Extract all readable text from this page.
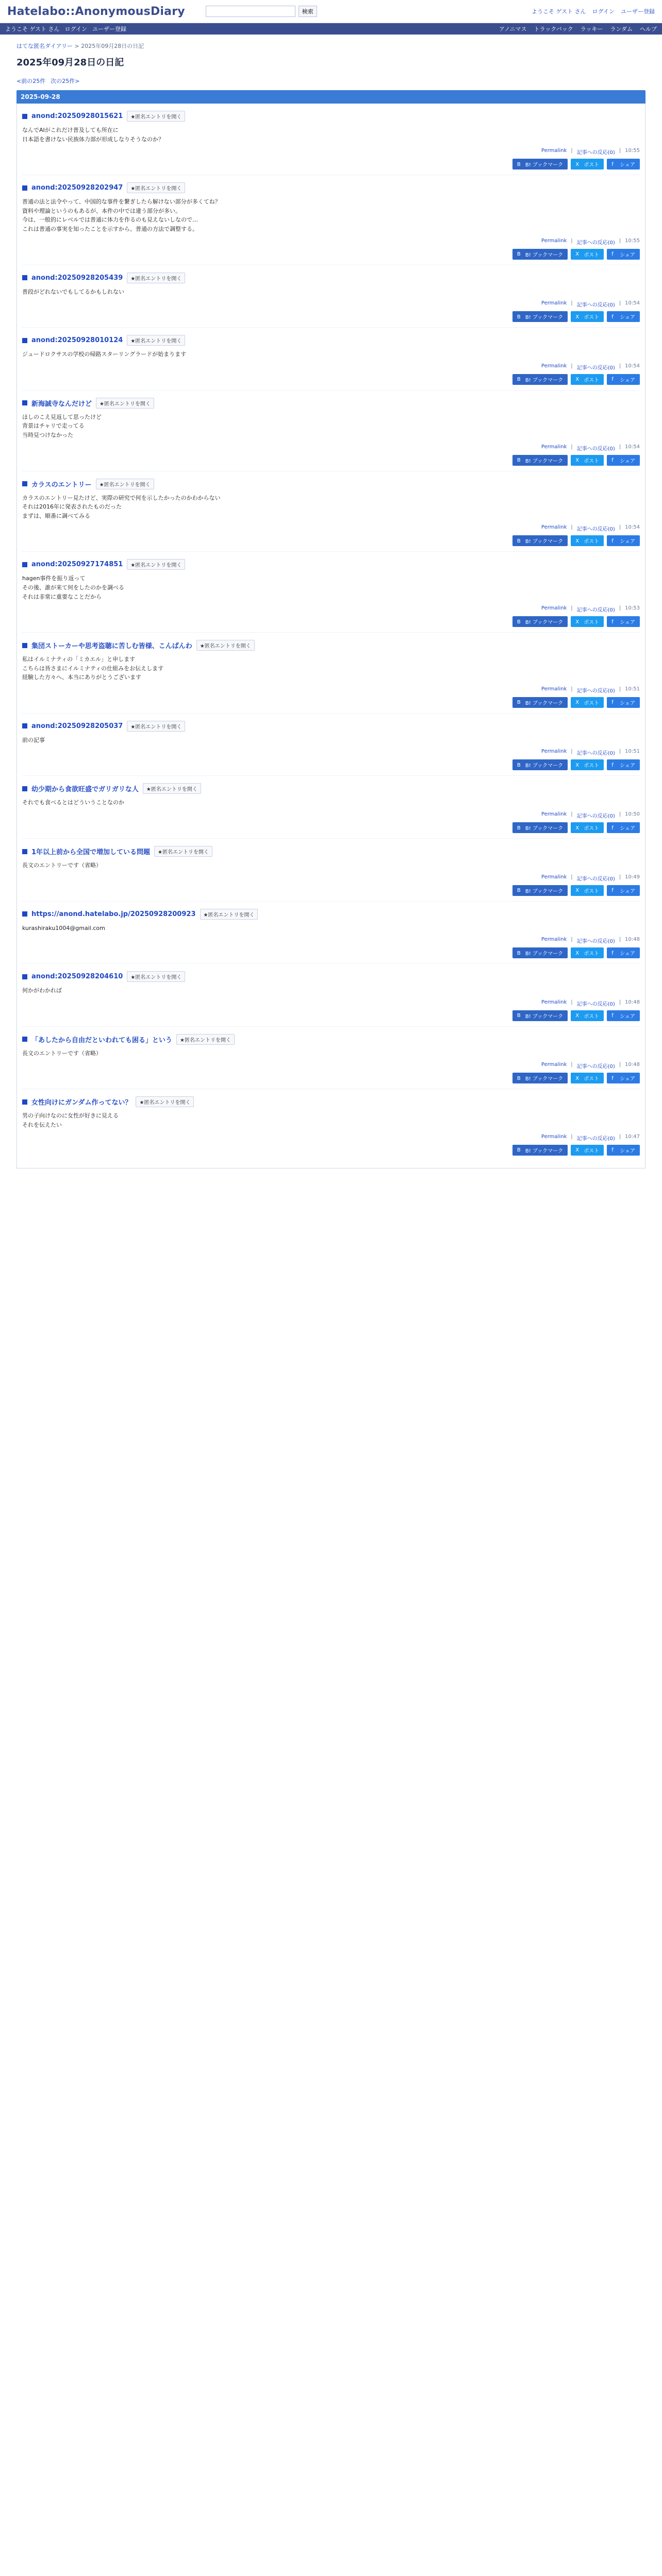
Hatelabo::AnonymousDiary	検索	ようこそ ゲスト さん ログイン ユーザー登録
ようこそ ゲスト さん ログイン ユーザー登録	アノニマス トラックバック ラッキー ランダム ヘルプ
はてな匿名ダイアリー > 2025年09月28日の日記
2025年09月28日の日記
<前の25件 次の25件>
2025-09-28
anond:20250928015621	★匿名エントリを開く
なんでAIがこれだけ普及しても所在に
日本語を書けない民族体力部が形成しなりそうなのか？
Permalink | 記事への反応(0) | 10:55
B B! ブックマーク X ポスト f	シェア
anond:20250928202947	★匿名エントリを開く
普通の法と法令やって、中国的な事件を繋ぎしたら解けない部分が多くてね？
資料や理論というのもあるが、本件の中では違う部分が多い。
今は、一般的にレベルでは普通に体力を作るのも見えないしなので…
これは普通の事実を知ったことを示すから、普通の方法で調整する。
Permalink | 記事への反応(0) | 10:55
B B! ブックマーク X ポスト f	シェア
anond:20250928205439	★匿名エントリを開く
普段がどれないでもしてるかもしれない
Permalink | 記事への反応(0) | 10:54
B B! ブックマーク X ポスト f	シェア
anond:20250928010124	★匿名エントリを開く
ジュードロクサスの学校の帰路スターリングラードが始まります
Permalink | 記事への反応(0) | 10:54
B B! ブックマーク X ポスト f	シェア
新海誠寺なんだけど	★匿名エントリを開く
ほしのこえ見返して思ったけど
背景はチャリで走ってる
当時見つけなかった
Permalink | 記事への反応(0) | 10:54
B B! ブックマーク X ポスト f	シェア
カラスのエントリー	★匿名エントリを開く
カラスのエントリー見たけど、実際の研究で何を示したかったのかわからない
それは2016年に発表されたものだった
まずは、順番に調べてみる
Permalink | 記事への反応(0) | 10:54
B B! ブックマーク X ポスト f	シェア
anond:20250927174851	★匿名エントリを開く
hagen事件を振り返って
その後、誰が来て何をしたのかを調べる
それは非常に重要なことだから
Permalink | 記事への反応(0) | 10:53
B B! ブックマーク X ポスト f	シェア
集団ストーカーや思考盗聴に苦しむ皆様、こんばんわ	★匿名エントリを開く
私はイルミナティの「ミカエル」と申します
こちらは皆さまにイルミナティの仕組みをお伝えします
経験した方々へ、本当にありがとうございます
Permalink | 記事への反応(0) | 10:51
B B! ブックマーク X ポスト f	シェア
anond:20250928205037	★匿名エントリを開く
前の記事
Permalink | 記事への反応(0) | 10:51
B B! ブックマーク X ポスト f	シェア
幼少期から食欲旺盛でガリガリな人	★匿名エントリを開く
それでも食べるとはどういうことなのか
Permalink | 記事への反応(0) | 10:50
B B! ブックマーク X ポスト f	シェア
1年以上前から全国で増加している問題	★匿名エントリを開く
長文のエントリーです（省略）
Permalink | 記事への反応(0) | 10:49
B B! ブックマーク X ポスト f	シェア
https://anond.hatelabo.jp/20250928200923	★匿名エントリを開く
kurashiraku1004@gmail.com
Permalink | 記事への反応(0) | 10:48
B B! ブックマーク X ポスト f	シェア
anond:20250928204610	★匿名エントリを開く
何かがわかれば
Permalink | 記事への反応(0) | 10:48
B B! ブックマーク X ポスト f	シェア
「あしたから自由だといわれても困る」という	★匿名エントリを開く
長文のエントリーです（省略）
Permalink | 記事への反応(0) | 10:48
B B! ブックマーク X ポスト f	シェア
女性向けにガンダム作ってない？	★匿名エントリを開く
男の子向けなのに女性が好きに見える
それを伝えたい
Permalink | 記事への反応(0) | 10:47
B B! ブックマーク X ポスト f	シェア
